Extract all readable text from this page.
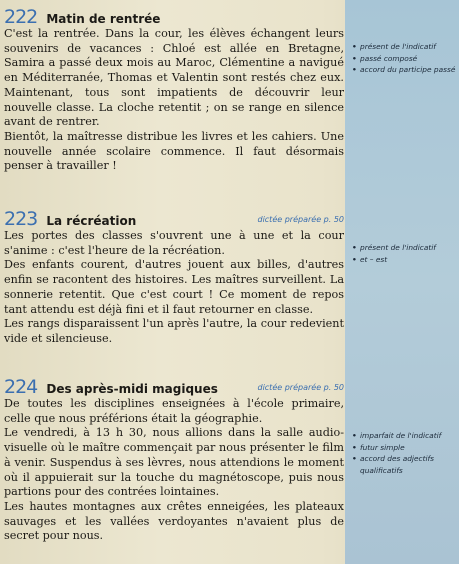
222 Matin de rentrée

C'est la rentrée. Dans la cour, les élèves échangent leurs souvenirs de vacances : Chloé est allée en Bretagne, Samira a passé deux mois au Maroc, Clémentine a navigué en Méditerranée, Thomas et Valentin sont restés chez eux. Maintenant, tous sont impatients de découvrir leur nouvelle classe. La cloche retentit ; on se range en silence avant de rentrer.

Bientôt, la maîtresse distribue les livres et les cahiers. Une nouvelle année scolaire commence. Il faut désormais penser à travailler !

• présent de l'indicatif
• passé composé
• accord du participe passé
223 La récréation	dictée préparée p. 50

Les portes des classes s'ouvrent une à une et la cour s'anime : c'est l'heure de la récréation.

Des enfants courent, d'autres jouent aux billes, d'autres enfin se racontent des histoires. Les maîtres surveillent. La sonnerie retentit. Que c'est court ! Ce moment de repos tant attendu est déjà fini et il faut retourner en classe.

Les rangs disparaissent l'un après l'autre, la cour redevient vide et silencieuse.

• présent de l'indicatif
• et – est
224 Des après-midi magiques	dictée préparée p. 50

De toutes les disciplines enseignées à l'école primaire, celle que nous préférions était la géographie.

Le vendredi, à 13 h 30, nous allions dans la salle audio-visuelle où le maître commençait par nous présenter le film à venir. Suspendus à ses lèvres, nous attendions le moment où il appuierait sur la touche du magnétoscope, puis nous partions pour des contrées lointaines.

Les hautes montagnes aux crêtes enneigées, les plateaux sauvages et les vallées verdoyantes n'avaient plus de secret pour nous.

• imparfait de l'indicatif
• futur simple
• accord des adjectifs qualificatifs
